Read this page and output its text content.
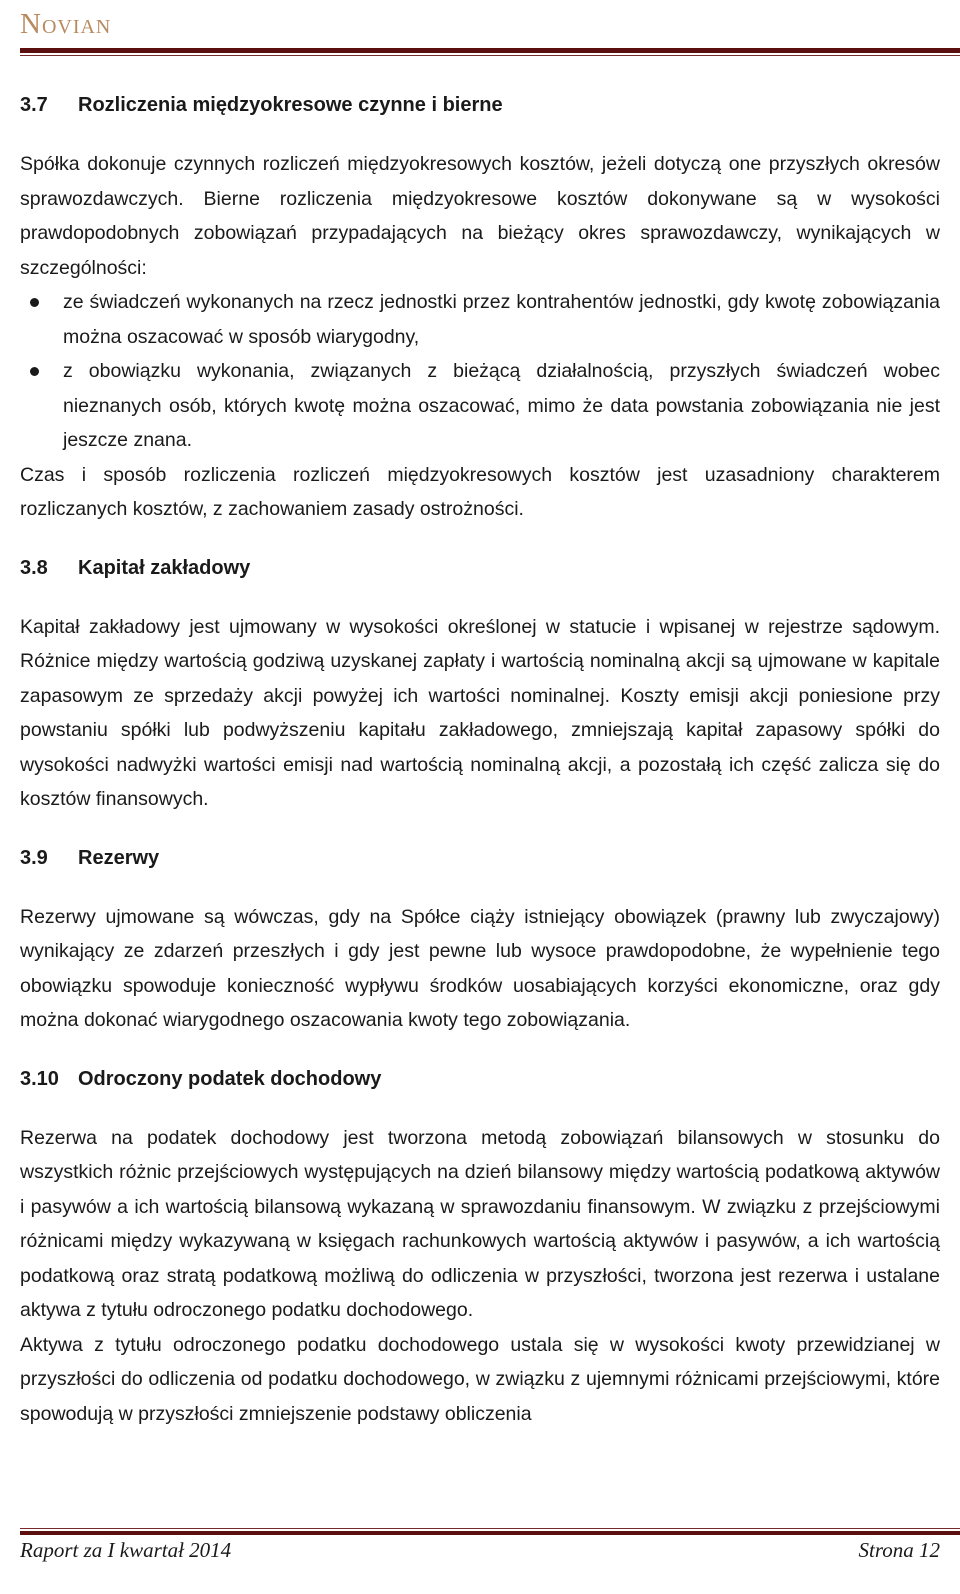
Novian
3.7 Rozliczenia międzyokresowe czynne i bierne

Spółka dokonuje czynnych rozliczeń międzyokresowych kosztów, jeżeli dotyczą one przyszłych okresów sprawozdawczych. Bierne rozliczenia międzyokresowe kosztów dokonywane są w wysokości prawdopodobnych zobowiązań przypadających na bieżący okres sprawozdawczy, wynikających w szczególności:

ze świadczeń wykonanych na rzecz jednostki przez kontrahentów jednostki, gdy kwotę zobowiązania można oszacować w sposób wiarygodny,
z obowiązku wykonania, związanych z bieżącą działalnością, przyszłych świadczeń wobec nieznanych osób, których kwotę można oszacować, mimo że data powstania zobowiązania nie jest jeszcze znana.

Czas i sposób rozliczenia rozliczeń międzyokresowych kosztów jest uzasadniony charakterem rozliczanych kosztów, z zachowaniem zasady ostrożności.

3.8 Kapitał zakładowy

Kapitał zakładowy jest ujmowany w wysokości określonej w statucie i wpisanej w rejestrze sądowym. Różnice między wartością godziwą uzyskanej zapłaty i wartością nominalną akcji są ujmowane w kapitale zapasowym ze sprzedaży akcji powyżej ich wartości nominalnej. Koszty emisji akcji poniesione przy powstaniu spółki lub podwyższeniu kapitału zakładowego, zmniejszają kapitał zapasowy spółki do wysokości nadwyżki wartości emisji nad wartością nominalną akcji, a pozostałą ich część zalicza się do kosztów finansowych.

3.9 Rezerwy

Rezerwy ujmowane są wówczas, gdy na Spółce ciąży istniejący obowiązek (prawny lub zwyczajowy) wynikający ze zdarzeń przeszłych i gdy jest pewne lub wysoce prawdopodobne, że wypełnienie tego obowiązku spowoduje konieczność wypływu środków uosabiających korzyści ekonomiczne, oraz gdy można dokonać wiarygodnego oszacowania kwoty tego zobowiązania.

3.10 Odroczony podatek dochodowy

Rezerwa na podatek dochodowy jest tworzona metodą zobowiązań bilansowych w stosunku do wszystkich różnic przejściowych występujących na dzień bilansowy między wartością podatkową aktywów i pasywów a ich wartością bilansową wykazaną w sprawozdaniu finansowym. W związku z przejściowymi różnicami między wykazywaną w księgach rachunkowych wartością aktywów i pasywów, a ich wartością podatkową oraz stratą podatkową możliwą do odliczenia w przyszłości, tworzona jest rezerwa i ustalane aktywa z tytułu odroczonego podatku dochodowego.

Aktywa z tytułu odroczonego podatku dochodowego ustala się w wysokości kwoty przewidzianej w przyszłości do odliczenia od podatku dochodowego, w związku z ujemnymi różnicami przejściowymi, które spowodują w przyszłości zmniejszenie podstawy obliczenia

Raport za I kwartał 2014	Strona 12
